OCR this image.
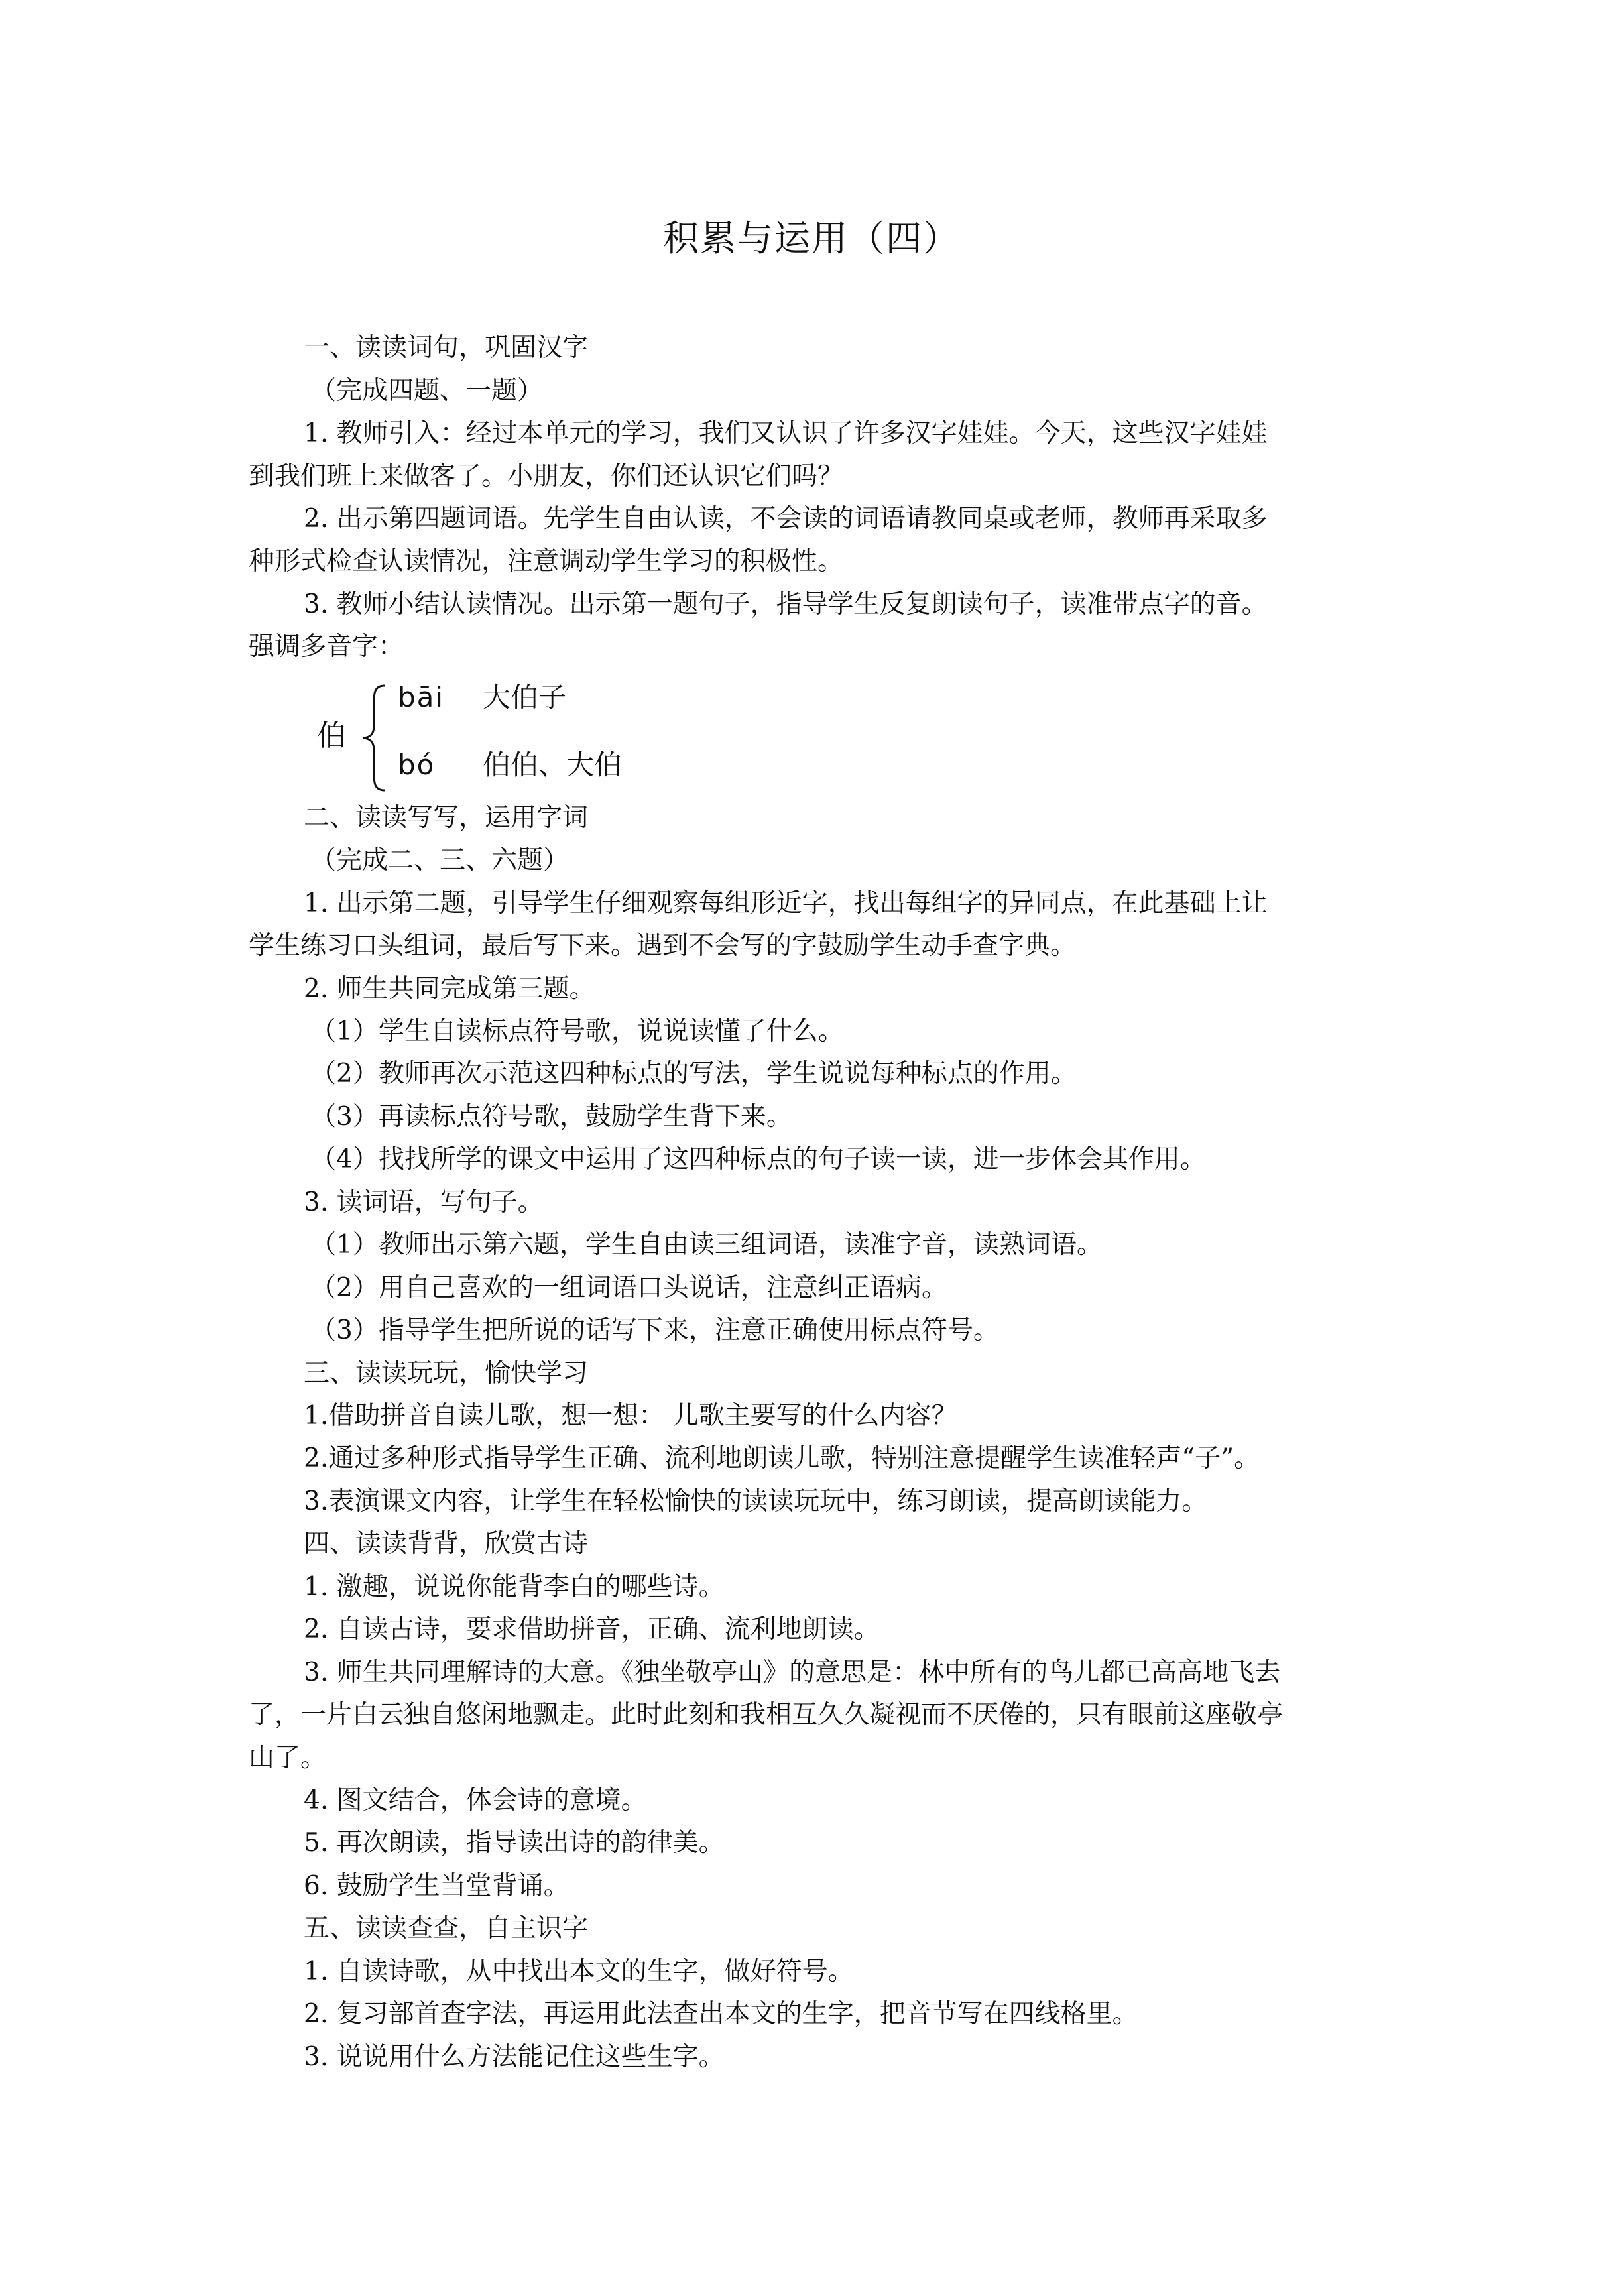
积累与运用（四）
一、读读词句，巩固汉字
（完成四题、一题）
1. 教师引入：经过本单元的学习，我们又认识了许多汉字娃娃。今天，这些汉字娃娃
到我们班上来做客了。小朋友，你们还认识它们吗？
2. 出示第四题词语。先学生自由认读，不会读的词语请教同桌或老师，教师再采取多
种形式检查认读情况，注意调动学生学习的积极性。
3. 教师小结认读情况。出示第一题句子，指导学生反复朗读句子，读准带点字的音。
强调多音字：
伯
bāi 大伯子
bó 伯伯、大伯
二、读读写写，运用字词
（完成二、三、六题）
1. 出示第二题，引导学生仔细观察每组形近字，找出每组字的异同点，在此基础上让
学生练习口头组词，最后写下来。遇到不会写的字鼓励学生动手查字典。
2. 师生共同完成第三题。
（1）学生自读标点符号歌，说说读懂了什么。
（2）教师再次示范这四种标点的写法，学生说说每种标点的作用。
（3）再读标点符号歌，鼓励学生背下来。
（4）找找所学的课文中运用了这四种标点的句子读一读，进一步体会其作用。
3. 读词语，写句子。
（1）教师出示第六题，学生自由读三组词语，读准字音，读熟词语。
（2）用自己喜欢的一组词语口头说话，注意纠正语病。
（3）指导学生把所说的话写下来，注意正确使用标点符号。
三、读读玩玩，愉快学习
1.借助拼音自读儿歌，想一想： 儿歌主要写的什么内容？
2.通过多种形式指导学生正确、流利地朗读儿歌，特别注意提醒学生读准轻声“子”。
3.表演课文内容，让学生在轻松愉快的读读玩玩中，练习朗读，提高朗读能力。
四、读读背背，欣赏古诗
1. 激趣，说说你能背李白的哪些诗。
2. 自读古诗，要求借助拼音，正确、流利地朗读。
3. 师生共同理解诗的大意。《独坐敬亭山》的意思是：林中所有的鸟儿都已高高地飞去
了，一片白云独自悠闲地飘走。此时此刻和我相互久久凝视而不厌倦的，只有眼前这座敬亭
山了。
4. 图文结合，体会诗的意境。
5. 再次朗读，指导读出诗的韵律美。
6. 鼓励学生当堂背诵。
五、读读查查，自主识字
1. 自读诗歌，从中找出本文的生字，做好符号。
2. 复习部首查字法，再运用此法查出本文的生字，把音节写在四线格里。
3. 说说用什么方法能记住这些生字。
